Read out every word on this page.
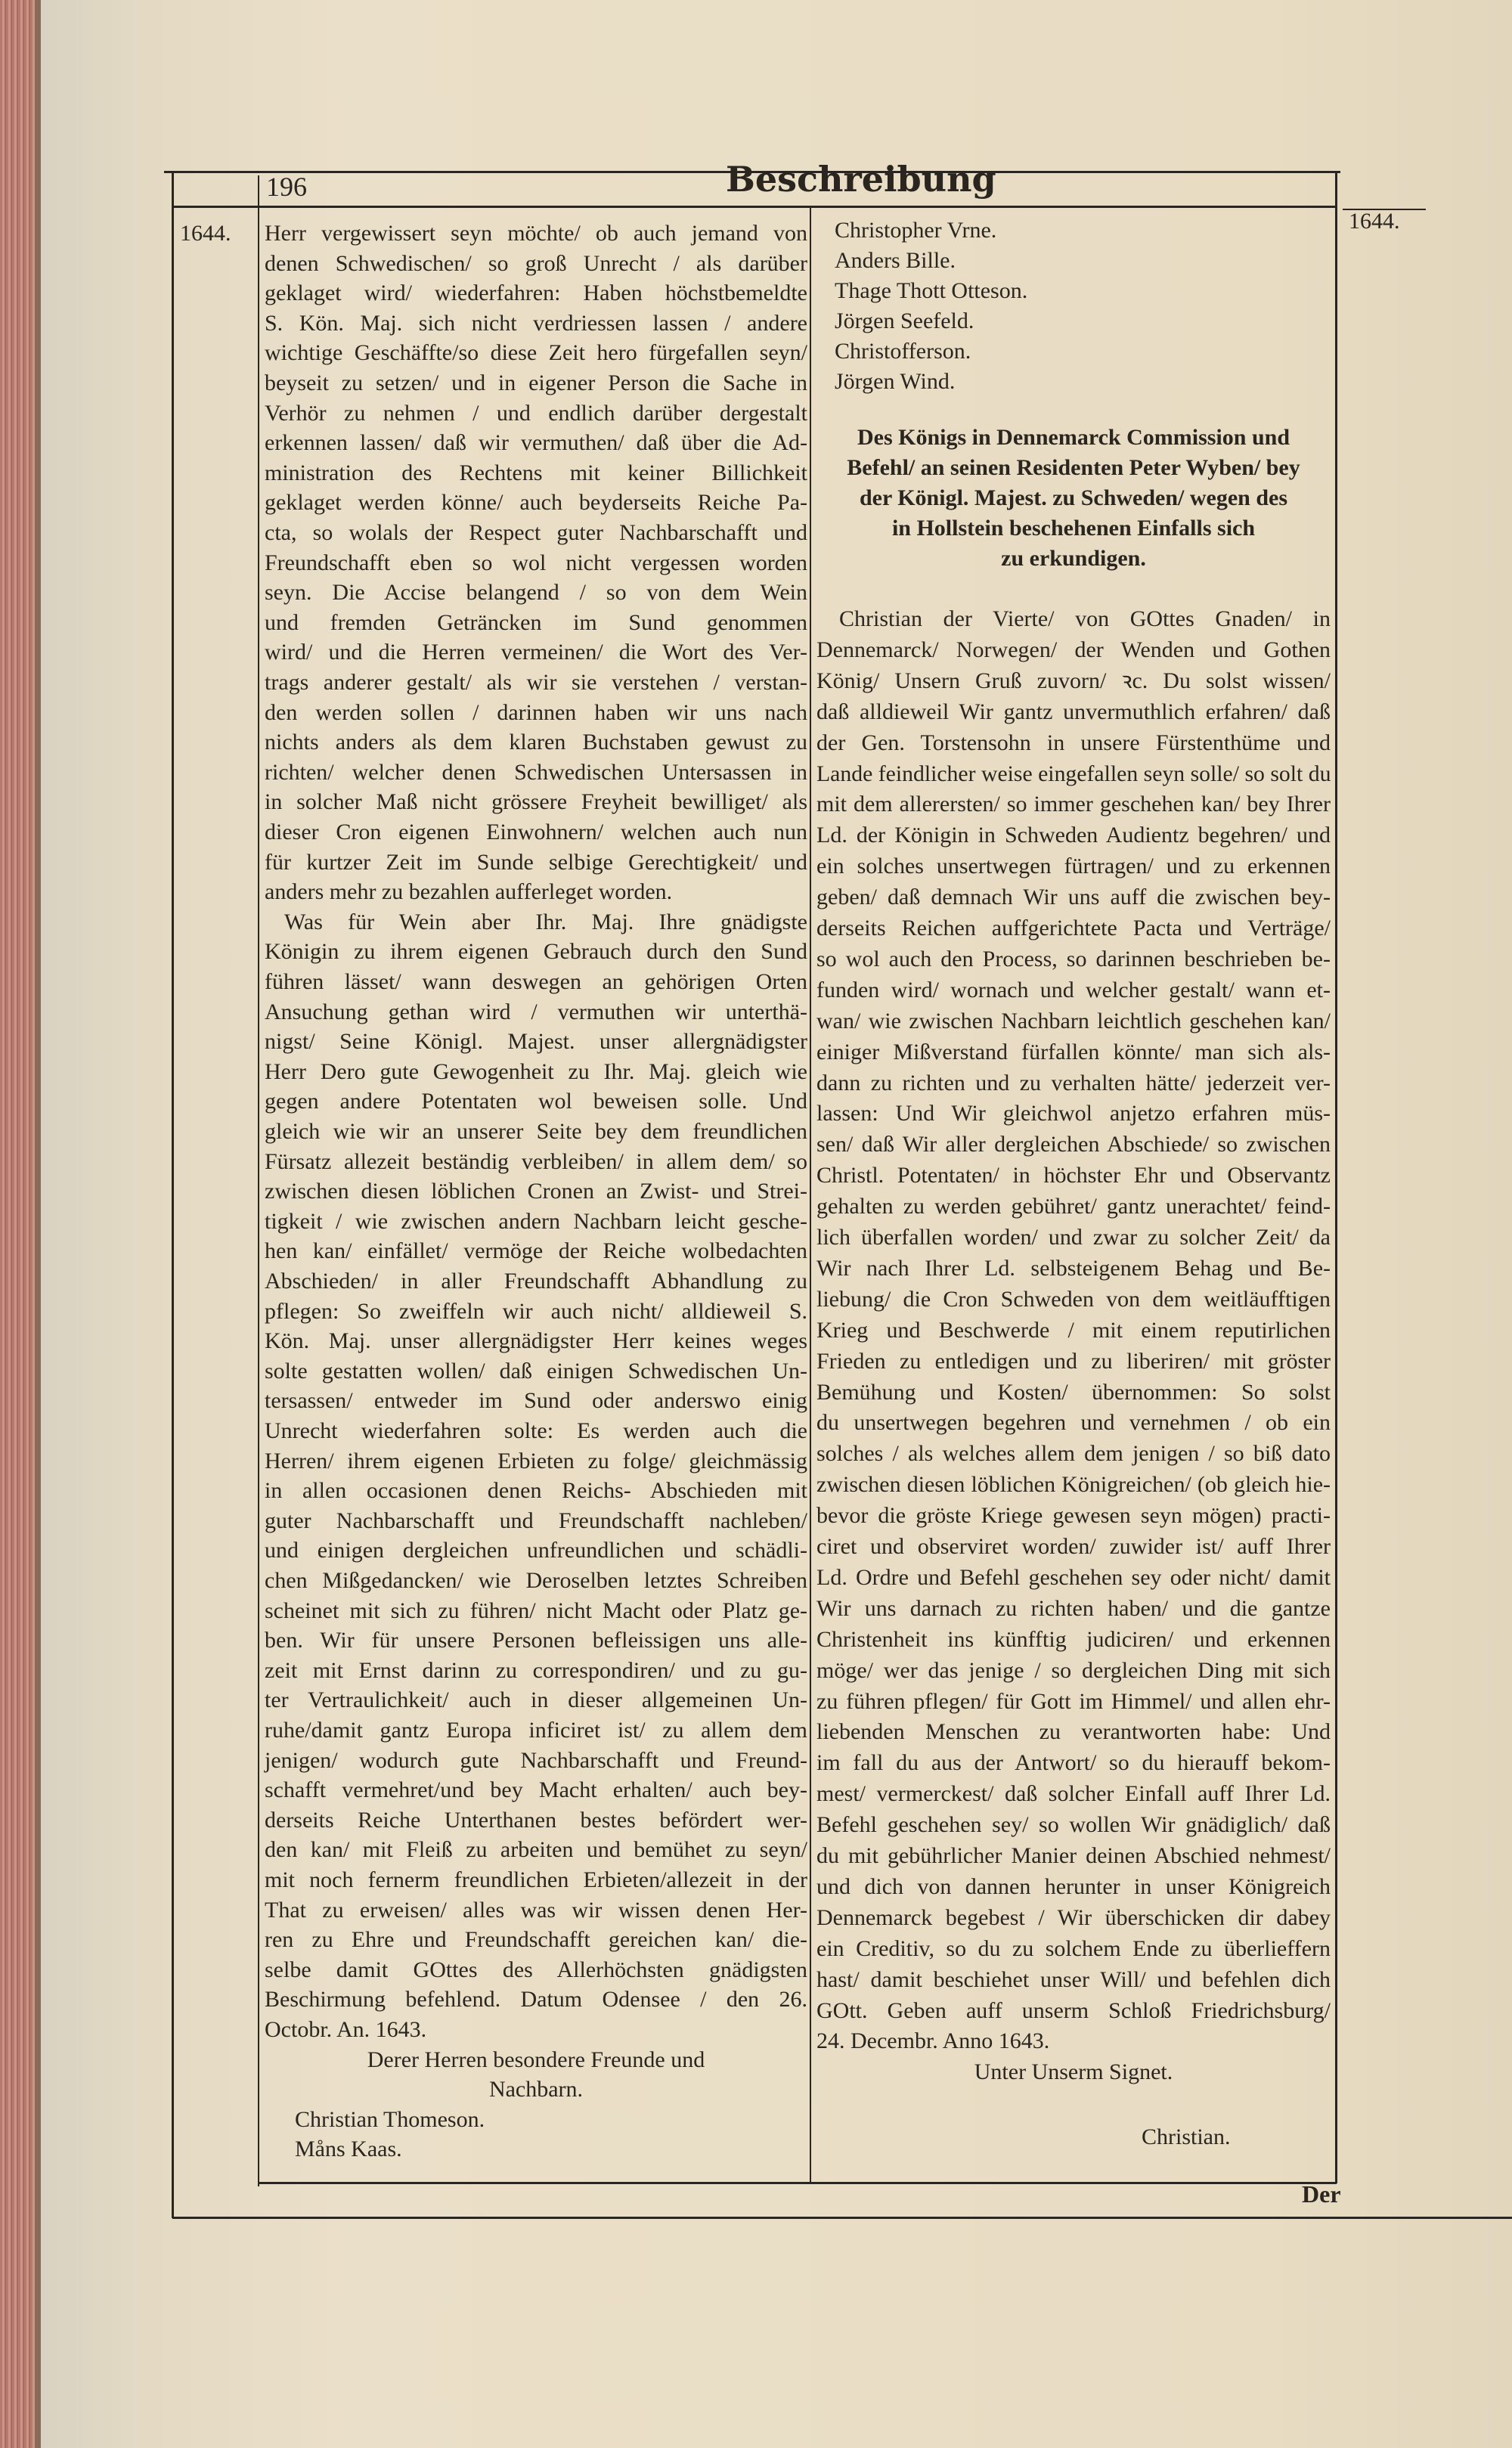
196	Beschreibung
1644.	1644.
Herr vergewissert seyn möchte/ ob auch jemand von
denen Schwedischen/ so groß Unrecht / als darüber
geklaget wird/ wiederfahren: Haben höchstbemeldte
S. Kön. Maj. sich nicht verdriessen lassen / andere
wichtige Geschäffte/so diese Zeit hero fürgefallen seyn/
beyseit zu setzen/ und in eigener Person die Sache in
Verhör zu nehmen / und endlich darüber dergestalt
erkennen lassen/ daß wir vermuthen/ daß über die Ad-
ministration des Rechtens mit keiner Billichkeit
geklaget werden könne/ auch beyderseits Reiche Pa-
cta, so wolals der Respect guter Nachbarschafft und
Freundschafft eben so wol nicht vergessen worden
seyn. Die Accise belangend / so von dem Wein
und fremden Geträncken im Sund genommen
wird/ und die Herren vermeinen/ die Wort des Ver-
trags anderer gestalt/ als wir sie verstehen / verstan-
den werden sollen / darinnen haben wir uns nach
nichts anders als dem klaren Buchstaben gewust zu
richten/ welcher denen Schwedischen Untersassen in
in solcher Maß nicht grössere Freyheit bewilliget/ als
dieser Cron eigenen Einwohnern/ welchen auch nun
für kurtzer Zeit im Sunde selbige Gerechtigkeit/ und
anders mehr zu bezahlen aufferleget worden.
Was für Wein aber Ihr. Maj. Ihre gnädigste
Königin zu ihrem eigenen Gebrauch durch den Sund
führen lässet/ wann deswegen an gehörigen Orten
Ansuchung gethan wird / vermuthen wir unterthä-
nigst/ Seine Königl. Majest. unser allergnädigster
Herr Dero gute Gewogenheit zu Ihr. Maj. gleich wie
gegen andere Potentaten wol beweisen solle. Und
gleich wie wir an unserer Seite bey dem freundlichen
Fürsatz allezeit beständig verbleiben/ in allem dem/ so
zwischen diesen löblichen Cronen an Zwist- und Strei-
tigkeit / wie zwischen andern Nachbarn leicht gesche-
hen kan/ einfället/ vermöge der Reiche wolbedachten
Abschieden/ in aller Freundschafft Abhandlung zu
pflegen: So zweiffeln wir auch nicht/ alldieweil S.
Kön. Maj. unser allergnädigster Herr keines weges
solte gestatten wollen/ daß einigen Schwedischen Un-
tersassen/ entweder im Sund oder anderswo einig
Unrecht wiederfahren solte: Es werden auch die
Herren/ ihrem eigenen Erbieten zu folge/ gleichmässig
in allen occasionen denen Reichs- Abschieden mit
guter Nachbarschafft und Freundschafft nachleben/
und einigen dergleichen unfreundlichen und schädli-
chen Mißgedancken/ wie Deroselben letztes Schreiben
scheinet mit sich zu führen/ nicht Macht oder Platz ge-
ben. Wir für unsere Personen befleissigen uns alle-
zeit mit Ernst darinn zu correspondiren/ und zu gu-
ter Vertraulichkeit/ auch in dieser allgemeinen Un-
ruhe/damit gantz Europa inficiret ist/ zu allem dem
jenigen/ wodurch gute Nachbarschafft und Freund-
schafft vermehret/und bey Macht erhalten/ auch bey-
derseits Reiche Unterthanen bestes befördert wer-
den kan/ mit Fleiß zu arbeiten und bemühet zu seyn/
mit noch fernerm freundlichen Erbieten/allezeit in der
That zu erweisen/ alles was wir wissen denen Her-
ren zu Ehre und Freundschafft gereichen kan/ die-
selbe damit GOttes des Allerhöchsten gnädigsten
Beschirmung befehlend. Datum Odensee / den 26.
Octobr. An. 1643.
Derer Herren besondere Freunde und
Nachbarn.
Christian Thomeson.
Måns Kaas.
Christopher Vrne.
Anders Bille.
Thage Thott Otteson.
Jörgen Seefeld.
Christofferson.
Jörgen Wind.
Des Königs in Dennemarck Commission und
Befehl/ an seinen Residenten Peter Wyben/ bey
der Königl. Majest. zu Schweden/ wegen des
in Hollstein beschehenen Einfalls sich
zu erkundigen.
Christian der Vierte/ von GOttes Gnaden/ in
Dennemarck/ Norwegen/ der Wenden und Gothen
König/ Unsern Gruß zuvorn/ ꝛc. Du solst wissen/
daß alldieweil Wir gantz unvermuthlich erfahren/ daß
der Gen. Torstensohn in unsere Fürstenthüme und
Lande feindlicher weise eingefallen seyn solle/ so solt du
mit dem allerersten/ so immer geschehen kan/ bey Ihrer
Ld. der Königin in Schweden Audientz begehren/ und
ein solches unsertwegen fürtragen/ und zu erkennen
geben/ daß demnach Wir uns auff die zwischen bey-
derseits Reichen auffgerichtete Pacta und Verträge/
so wol auch den Process, so darinnen beschrieben be-
funden wird/ wornach und welcher gestalt/ wann et-
wan/ wie zwischen Nachbarn leichtlich geschehen kan/
einiger Mißverstand fürfallen könnte/ man sich als-
dann zu richten und zu verhalten hätte/ jederzeit ver-
lassen: Und Wir gleichwol anjetzo erfahren müs-
sen/ daß Wir aller dergleichen Abschiede/ so zwischen
Christl. Potentaten/ in höchster Ehr und Observantz
gehalten zu werden gebühret/ gantz unerachtet/ feind-
lich überfallen worden/ und zwar zu solcher Zeit/ da
Wir nach Ihrer Ld. selbsteigenem Behag und Be-
liebung/ die Cron Schweden von dem weitläufftigen
Krieg und Beschwerde / mit einem reputirlichen
Frieden zu entledigen und zu liberiren/ mit gröster
Bemühung und Kosten/ übernommen: So solst
du unsertwegen begehren und vernehmen / ob ein
solches / als welches allem dem jenigen / so biß dato
zwischen diesen löblichen Königreichen/ (ob gleich hie-
bevor die gröste Kriege gewesen seyn mögen) practi-
ciret und observiret worden/ zuwider ist/ auff Ihrer
Ld. Ordre und Befehl geschehen sey oder nicht/ damit
Wir uns darnach zu richten haben/ und die gantze
Christenheit ins künfftig judiciren/ und erkennen
möge/ wer das jenige / so dergleichen Ding mit sich
zu führen pflegen/ für Gott im Himmel/ und allen ehr-
liebenden Menschen zu verantworten habe: Und
im fall du aus der Antwort/ so du hierauff bekom-
mest/ vermerckest/ daß solcher Einfall auff Ihrer Ld.
Befehl geschehen sey/ so wollen Wir gnädiglich/ daß
du mit gebührlicher Manier deinen Abschied nehmest/
und dich von dannen herunter in unser Königreich
Dennemarck begebest / Wir überschicken dir dabey
ein Creditiv, so du zu solchem Ende zu überlieffern
hast/ damit beschiehet unser Will/ und befehlen dich
GOtt. Geben auff unserm Schloß Friedrichsburg/
24. Decembr. Anno 1643.
Unter Unserm Signet.
Christian.
Der
